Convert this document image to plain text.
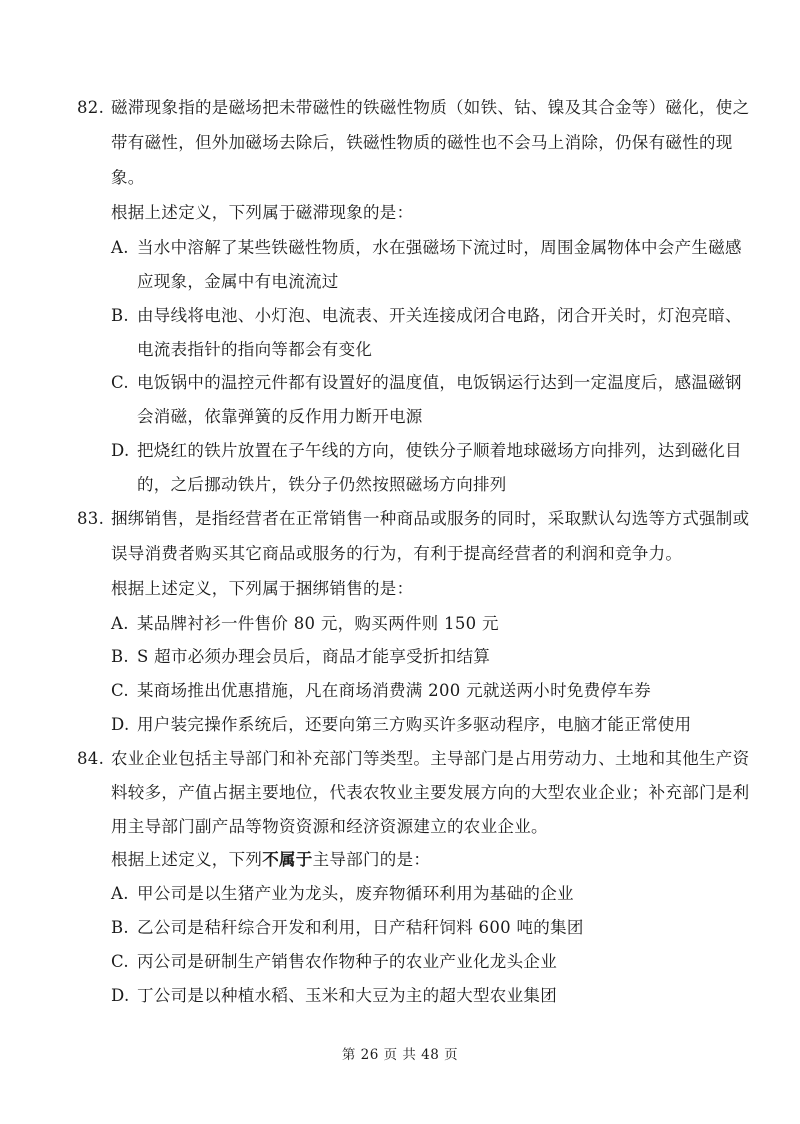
82. 磁滞现象指的是磁场把未带磁性的铁磁性物质（如铁、钴、镍及其合金等）磁化，使之
带有磁性，但外加磁场去除后，铁磁性物质的磁性也不会马上消除，仍保有磁性的现
象。
根据上述定义，下列属于磁滞现象的是：
A. 当水中溶解了某些铁磁性物质，水在强磁场下流过时，周围金属物体中会产生磁感
应现象，金属中有电流流过
B. 由导线将电池、小灯泡、电流表、开关连接成闭合电路，闭合开关时，灯泡亮暗、
电流表指针的指向等都会有变化
C. 电饭锅中的温控元件都有设置好的温度值，电饭锅运行达到一定温度后，感温磁钢
会消磁，依靠弹簧的反作用力断开电源
D. 把烧红的铁片放置在子午线的方向，使铁分子顺着地球磁场方向排列，达到磁化目
的，之后挪动铁片，铁分子仍然按照磁场方向排列
83. 捆绑销售，是指经营者在正常销售一种商品或服务的同时，采取默认勾选等方式强制或
误导消费者购买其它商品或服务的行为，有利于提高经营者的利润和竞争力。
根据上述定义，下列属于捆绑销售的是：
A. 某品牌衬衫一件售价 80 元，购买两件则 150 元
B. S 超市必须办理会员后，商品才能享受折扣结算
C. 某商场推出优惠措施，凡在商场消费满 200 元就送两小时免费停车券
D. 用户装完操作系统后，还要向第三方购买许多驱动程序，电脑才能正常使用
84. 农业企业包括主导部门和补充部门等类型。主导部门是占用劳动力、土地和其他生产资
料较多，产值占据主要地位，代表农牧业主要发展方向的大型农业企业；补充部门是利
用主导部门副产品等物资资源和经济资源建立的农业企业。
根据上述定义，下列不属于主导部门的是：
A. 甲公司是以生猪产业为龙头，废弃物循环利用为基础的企业
B. 乙公司是秸秆综合开发和利用，日产秸秆饲料 600 吨的集团
C. 丙公司是研制生产销售农作物种子的农业产业化龙头企业
D. 丁公司是以种植水稻、玉米和大豆为主的超大型农业集团
第 26 页 共 48 页
